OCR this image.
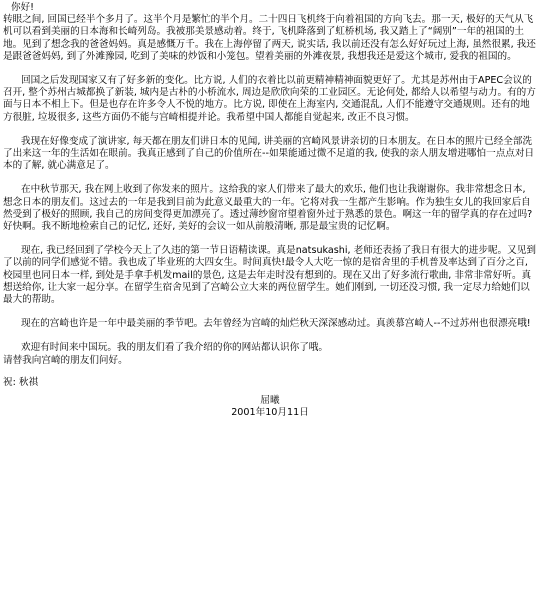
你好!

转眼之间, 回国已经半个多月了。这半个月是繁忙的半个月。二十四日飞机终于向着祖国的方向飞去。那一天, 极好的天气从飞机可以看到美丽的日本海和长崎列岛。我被那美景感动着。终于, 飞机降落到了虹桥机场, 我又踏上了“阔别”一年的祖国的土地。见到了想念我的爸爸妈妈。真是感慨万千。我在上海停留了两天, 说实话, 我以前还没有怎么好好玩过上海, 虽然很累, 我还是跟爸爸妈妈, 到了外滩豫园, 吃到了美味的炒饭和小笼包。望着美丽的外滩夜景, 我想我还是爱这个城市, 爱我的祖国的。

回国之后发现国家又有了好多新的变化。比方说, 人们的衣着比以前更精神精神面貌更好了。尤其是苏州由于APEC会议的召开, 整个苏州古城都换了新装, 城内是古朴的小桥流水, 周边是欣欣向荣的工业园区。无论何处, 都给人以希望与动力。有的方面与日本不相上下。但是也存在许多令人不悦的地方。比方说, 即使在上海室内, 交通混乱, 人们不能遵守交通规则。还有的地方很脏, 垃圾很多, 这些方面仍不能与宫崎相提并论。我希望中国人都能自觉起来, 改正不良习惯。

我现在好像变成了演讲家, 每天都在朋友们讲日本的见闻, 讲美丽的宫崎风景讲亲切的日本朋友。在日本的照片已经全部洗了出来这一年的生活如在眼前。我真正感到了自己的价值所在--如果能通过微不足道的我, 使我的亲人朋友增进哪怕一点点对日本的了解, 就心满意足了。

在中秋节那天, 我在网上收到了你发来的照片。这给我的家人们带来了最大的欢乐, 他们也让我谢谢你。我非常想念日本, 想念日本的朋友们。这过去的一年是我到目前为此意义最重大的一年。它将对我一生都产生影响。作为独生女儿的我回家后自然受到了极好的照顾, 我自己的房间变得更加漂亮了。透过薄纱窗帘望着窗外过于熟悉的景色。啊这一年的留学真的存在过吗?好快啊。我不断地检索自己的记忆, 还好, 美好的会议一如从前般清晰, 那是最宝贵的记忆啊。

现在, 我已经回到了学校今天上了久违的第一节日语精读课。真是natsukashi, 老师还表扬了我日有很大的进步呢。又见到了以前的同学们感觉不错。我也成了毕业班的大四女生。时间真快!最令人大吃一惊的是宿舍里的手机普及率达到了百分之百, 校园里也同日本一样, 到处是手拿手机发mail的景色, 这是去年走时没有想到的。现在又出了好多流行歌曲, 非常非常好听。真想送给你, 让大家一起分享。在留学生宿舍见到了宫崎公立大来的两位留学生。她们刚到, 一切还没习惯, 我一定尽力给她们以最大的帮助。

现在的宫崎也许是一年中最美丽的季节吧。去年曾经为宫崎的灿烂秋天深深感动过。真羡慕宫崎人--不过苏州也很漂亮哦!

欢迎有时间来中国玩。我的朋友们看了我介绍的你的网站都认识你了哦。
请替我向宫崎的朋友们问好。

祝: 秋祺

屈曦
2001年10月11日
